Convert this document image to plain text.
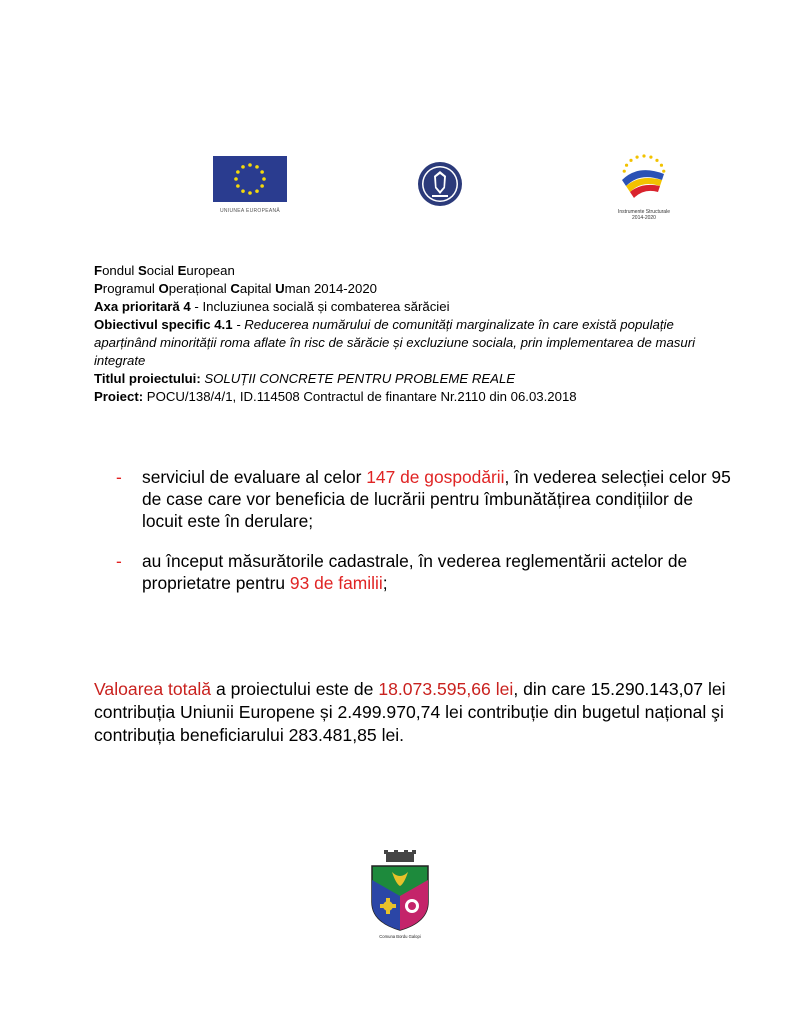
UNIUNEA EUROPEANĂ	Instrumente Structurale
2014-2020
Fondul Social European
Programul Operațional Capital Uman 2014-2020
Axa prioritară 4 - Incluziunea socială și combaterea sărăciei
Obiectivul specific 4.1 - Reducerea numărului de comunități marginalizate în care există populație aparținând minorității roma aflate în risc de sărăcie și excluziune sociala, prin implementarea de masuri integrate
Titlul proiectului: SOLUȚII CONCRETE PENTRU PROBLEME REALE
Proiect: POCU/138/4/1, ID.114508 Contractul de finantare Nr.2110 din 06.03.2018
-	serviciul de evaluare al celor 147 de gospodării, în vederea selecției celor 95 de case care vor beneficia de lucrării pentru îmbunătățirea condițiilor de locuit este în derulare;
-	au început măsurătorile cadastrale, în vederea reglementării actelor de proprietatre pentru 93 de familii;
Valoarea totală a proiectului este de 18.073.595,66 lei, din care 15.290.143,07 lei contribuția Uniunii Europene și 2.499.970,74 lei contribuție din bugetul național şi contribuția beneficiarului 283.481,85 lei.
Comuna Bordu Galopi
